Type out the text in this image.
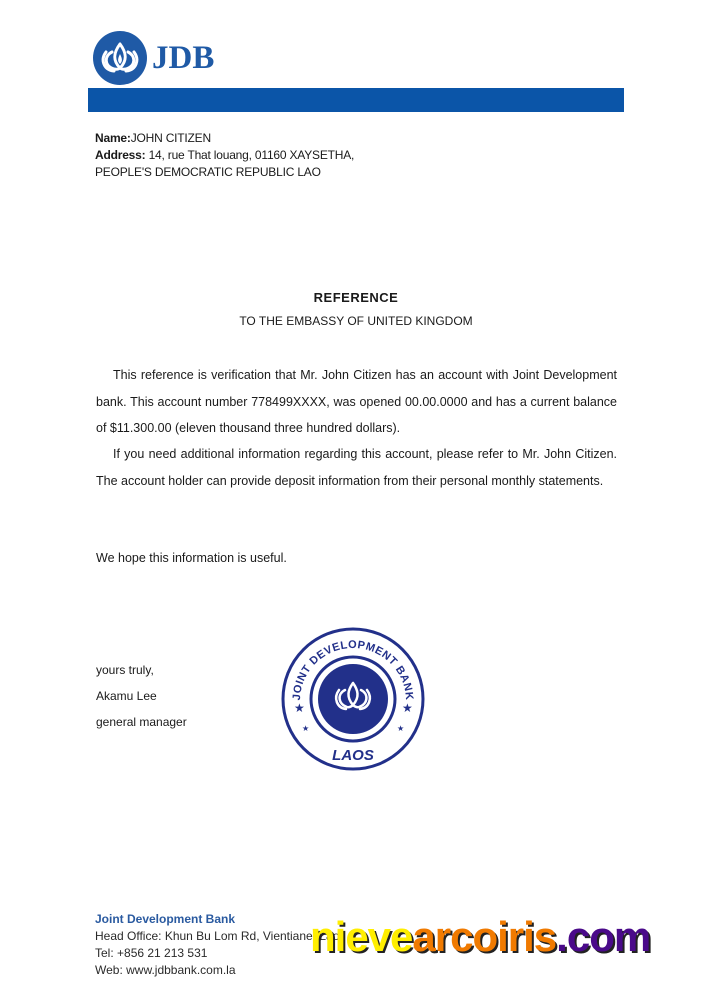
JDB
Name:JOHN CITIZEN
Address: 14, rue That louang, 01160 XAYSETHA,
PEOPLE'S DEMOCRATIC REPUBLIC LAO
REFERENCE
TO THE EMBASSY OF UNITED KINGDOM

This reference is verification that Mr. John Citizen has an account with Joint Development bank. This account number 778499XXXX, was opened 00.00.0000 and has a current balance of $11.300.00 (eleven thousand three hundred dollars).

If you need additional information regarding this account, please refer to Mr. John Citizen. The account holder can provide deposit information from their personal monthly statements.

We hope this information is useful.
yours truly,
Akamu Lee
general manager
JOINT DEVELOPMENT BANK
LAOS
★	★
★	★
Joint Development Bank
Head Office: Khun Bu Lom Rd, Vientiane, Lao
Tel: +856 21 213 531
Web: www.jdbbank.com.la
nievearcoiris.com
